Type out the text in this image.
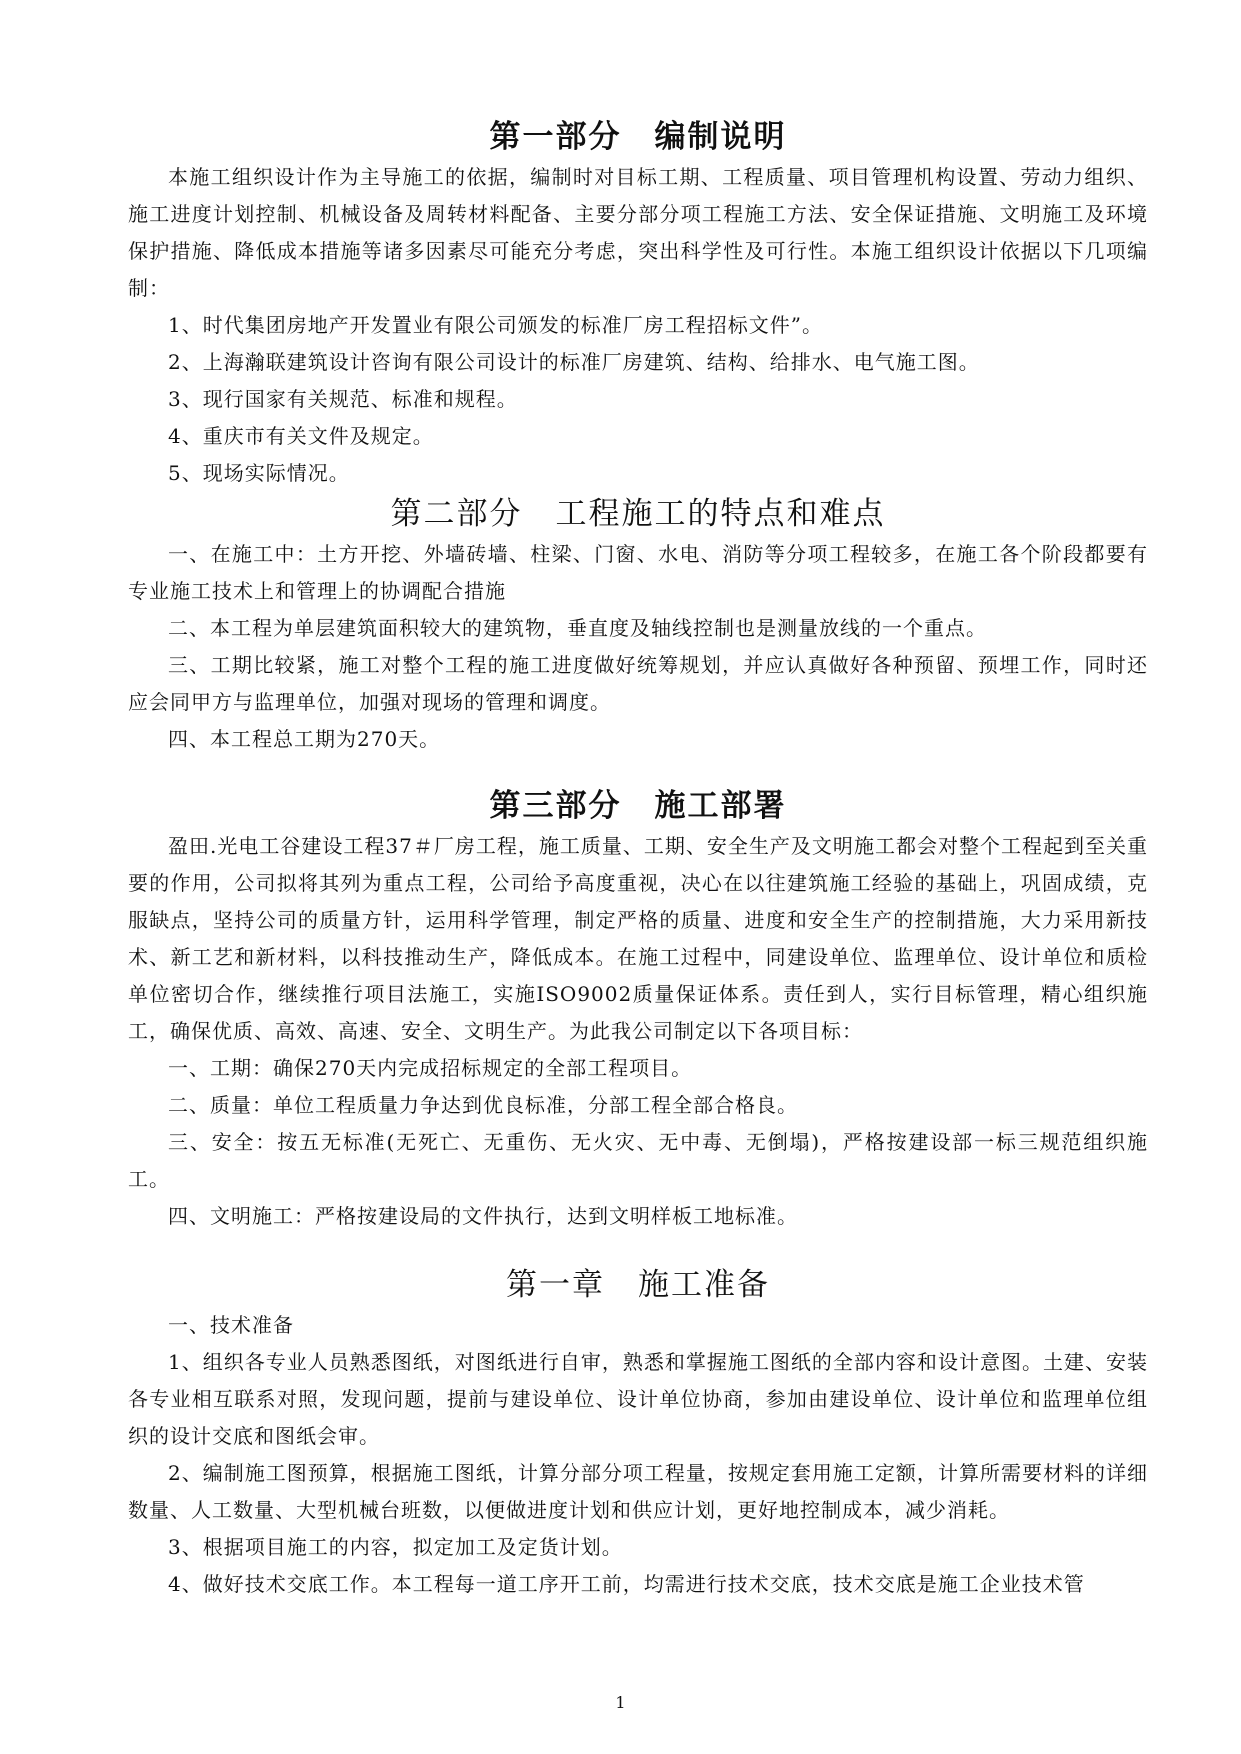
第一部分　编制说明

本施工组织设计作为主导施工的依据，编制时对目标工期、工程质量、项目管理机构设置、劳动力组织、施工进度计划控制、机械设备及周转材料配备、主要分部分项工程施工方法、安全保证措施、文明施工及环境保护措施、降低成本措施等诸多因素尽可能充分考虑，突出科学性及可行性。本施工组织设计依据以下几项编制：

1、时代集团房地产开发置业有限公司颁发的标准厂房工程招标文件”。

2、上海瀚联建筑设计咨询有限公司设计的标准厂房建筑、结构、给排水、电气施工图。

3、现行国家有关规范、标准和规程。

4、重庆市有关文件及规定。

5、现场实际情况。

第二部分　工程施工的特点和难点

一、在施工中：土方开挖、外墙砖墙、柱梁、门窗、水电、消防等分项工程较多，在施工各个阶段都要有专业施工技术上和管理上的协调配合措施

二、本工程为单层建筑面积较大的建筑物，垂直度及轴线控制也是测量放线的一个重点。

三、工期比较紧，施工对整个工程的施工进度做好统筹规划，并应认真做好各种预留、预埋工作，同时还应会同甲方与监理单位，加强对现场的管理和调度。

四、本工程总工期为270天。

第三部分　施工部署

盈田.光电工谷建设工程37＃厂房工程，施工质量、工期、安全生产及文明施工都会对整个工程起到至关重要的作用，公司拟将其列为重点工程，公司给予高度重视，决心在以往建筑施工经验的基础上，巩固成绩，克服缺点，坚持公司的质量方针，运用科学管理，制定严格的质量、进度和安全生产的控制措施，大力采用新技术、新工艺和新材料，以科技推动生产，降低成本。在施工过程中，同建设单位、监理单位、设计单位和质检单位密切合作，继续推行项目法施工，实施ISO9002质量保证体系。责任到人，实行目标管理，精心组织施工，确保优质、高效、高速、安全、文明生产。为此我公司制定以下各项目标：

一、工期：确保270天内完成招标规定的全部工程项目。

二、质量：单位工程质量力争达到优良标准，分部工程全部合格良。

三、安全：按五无标准(无死亡、无重伤、无火灾、无中毒、无倒塌)，严格按建设部一标三规范组织施工。

四、文明施工：严格按建设局的文件执行，达到文明样板工地标准。

第一章　施工准备

一、技术准备

1、组织各专业人员熟悉图纸，对图纸进行自审，熟悉和掌握施工图纸的全部内容和设计意图。土建、安装各专业相互联系对照，发现问题，提前与建设单位、设计单位协商，参加由建设单位、设计单位和监理单位组织的设计交底和图纸会审。

2、编制施工图预算，根据施工图纸，计算分部分项工程量，按规定套用施工定额，计算所需要材料的详细数量、人工数量、大型机械台班数，以便做进度计划和供应计划，更好地控制成本，减少消耗。

3、根据项目施工的内容，拟定加工及定货计划。

4、做好技术交底工作。本工程每一道工序开工前，均需进行技术交底，技术交底是施工企业技术管

1
